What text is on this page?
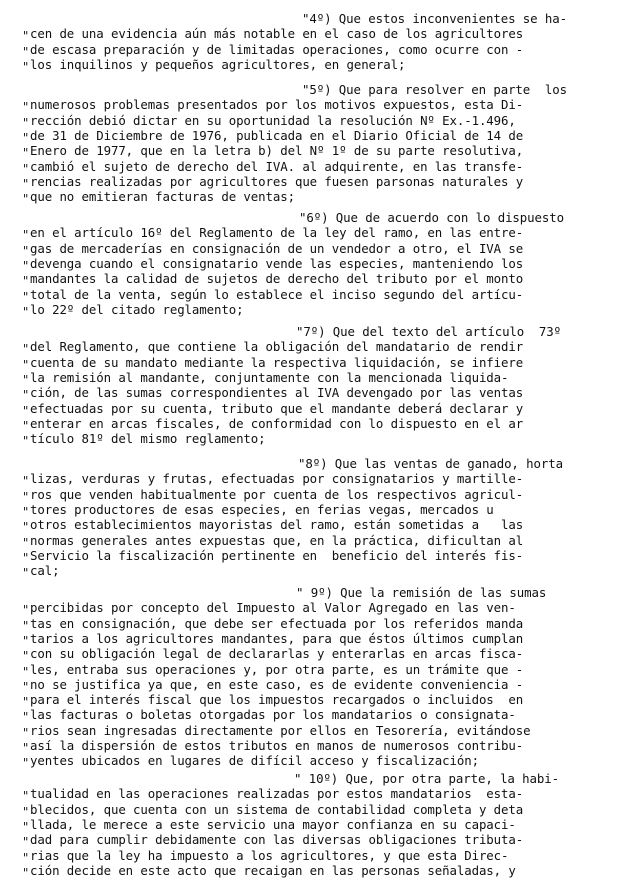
"4º) Que estos inconvenientes se ha-
cen de una evidencia aún más notable en el caso de los agricultores
"
de escasa preparación y de limitadas operaciones, como ocurre con -
"
los inquilinos y pequeños agricultores, en general;
"
"5º) Que para resolver en parte  los
numerosos problemas presentados por los motivos expuestos, esta Di-
"
rección debió dictar en su oportunidad la resolución Nº Ex.-1.496,
"
de 31 de Diciembre de 1976, publicada en el Diario Oficial de 14 de
"
Enero de 1977, que en la letra b) del Nº 1º de su parte resolutiva,
"
cambió el sujeto de derecho del IVA. al adquirente, en las transfe-
"
rencias realizadas por agricultores que fuesen parsonas naturales y
"
que no emitieran facturas de ventas;
"
"6º) Que de acuerdo con lo dispuesto
en el artículo 16º del Reglamento de la ley del ramo, en las entre-
"
gas de mercaderías en consignación de un vendedor a otro, el IVA se
"
devenga cuando el consignatario vende las especies, manteniendo los
"
mandantes la calidad de sujetos de derecho del tributo por el monto
"
total de la venta, según lo establece el inciso segundo del artícu-
"
lo 22º del citado reglamento;
"
"7º) Que del texto del artículo  73º
del Reglamento, que contiene la obligación del mandatario de rendir
"
cuenta de su mandato mediante la respectiva liquidación, se infiere
"
la remisión al mandante, conjuntamente con la mencionada liquida-
"
ción, de las sumas correspondientes al IVA devengado por las ventas
"
efectuadas por su cuenta, tributo que el mandante deberá declarar y
"
enterar en arcas fiscales, de conformidad con lo dispuesto en el ar
"
tículo 81º del mismo reglamento;
"
"8º) Que las ventas de ganado, horta
lizas, verduras y frutas, efectuadas por consignatarios y martille-
"
ros que venden habitualmente por cuenta de los respectivos agricul-
"
tores productores de esas especies, en ferias vegas, mercados u
"
otros establecimientos mayoristas del ramo, están sometidas a   las
"
normas generales antes expuestas que, en la práctica, dificultan al
"
Servicio la fiscalización pertinente en  beneficio del interés fis-
"
cal;
"
" 9º) Que la remisión de las sumas
percibidas por concepto del Impuesto al Valor Agregado en las ven-
"
tas en consignación, que debe ser efectuada por los referidos manda
"
tarios a los agricultores mandantes, para que éstos últimos cumplan
"
con su obligación legal de declararlas y enterarlas en arcas fisca-
"
les, entraba sus operaciones y, por otra parte, es un trámite que -
"
no se justifica ya que, en este caso, es de evidente conveniencia -
"
para el interés fiscal que los impuestos recargados o incluidos  en
"
las facturas o boletas otorgadas por los mandatarios o consignata-
"
rios sean ingresadas directamente por ellos en Tesorería, evitándose
"
así la dispersión de estos tributos en manos de numerosos contribu-
"
yentes ubicados en lugares de difícil acceso y fiscalización;
"
" 10º) Que, por otra parte, la habi-
tualidad en las operaciones realizadas por estos mandatarios  esta-
"
blecidos, que cuenta con un sistema de contabilidad completa y deta
"
llada, le merece a este servicio una mayor confianza en su capaci-
"
dad para cumplir debidamente con las diversas obligaciones tributa-
"
rias que la ley ha impuesto a los agricultores, y que esta Direc-
"
ción decide en este acto que recaigan en las personas señaladas, y
"
